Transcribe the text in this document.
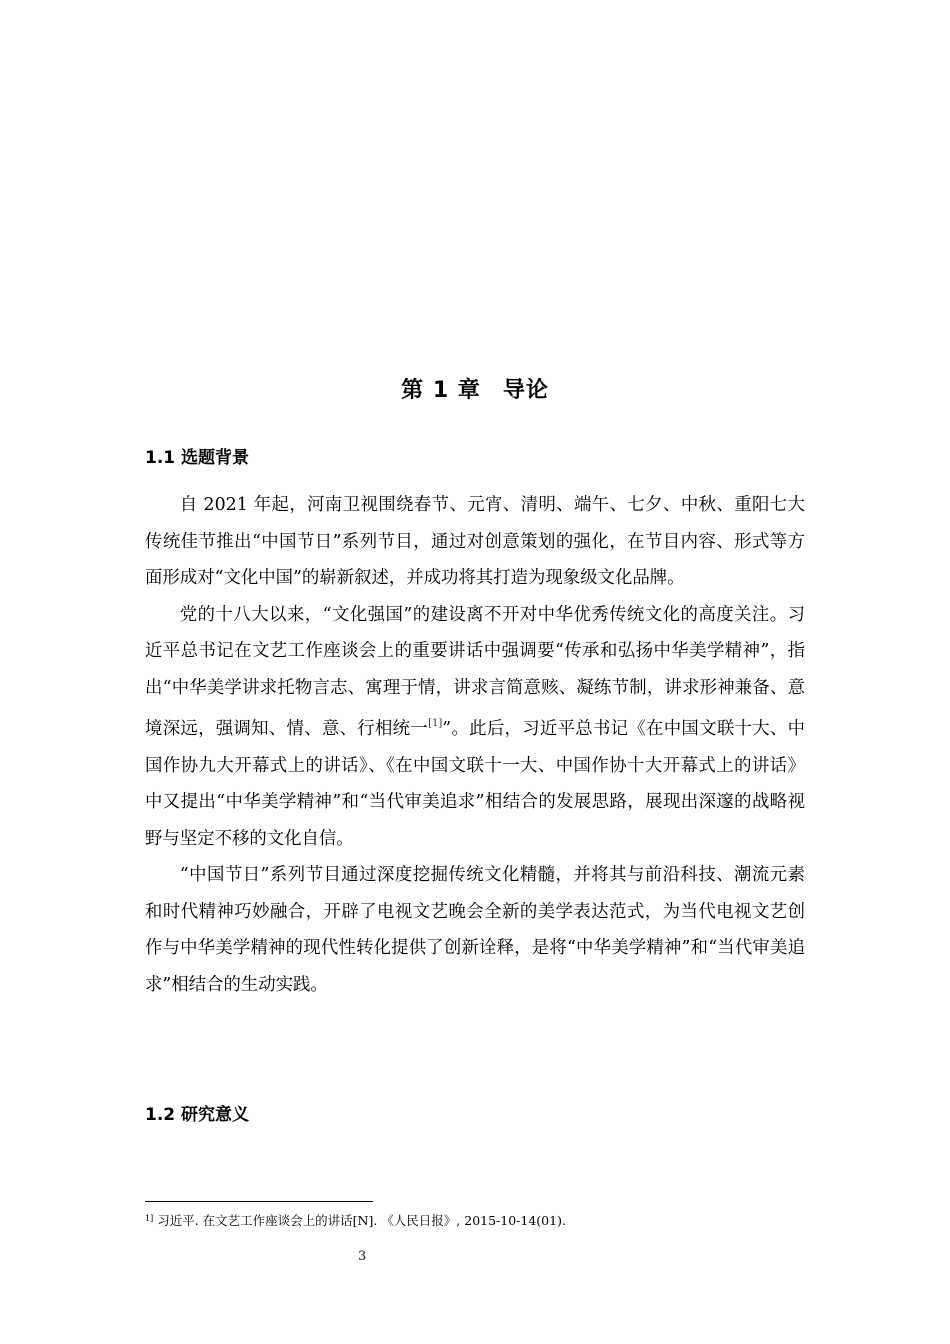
第 1 章 导论
1.1 选题背景

自 2021 年起，河南卫视围绕春节、元宵、清明、端午、七夕、中秋、重阳七大传统佳节推出“中国节日”系列节目，通过对创意策划的强化，在节目内容、形式等方面形成对“文化中国”的崭新叙述，并成功将其打造为现象级文化品牌。

党的十八大以来，“文化强国”的建设离不开对中华优秀传统文化的高度关注。习近平总书记在文艺工作座谈会上的重要讲话中强调要“传承和弘扬中华美学精神”，指出“中华美学讲求托物言志、寓理于情，讲求言简意赅、凝练节制，讲求形神兼备、意境深远，强调知、情、意、行相统一[1]”。此后，习近平总书记《在中国文联十大、中国作协九大开幕式上的讲话》、《在中国文联十一大、中国作协十大开幕式上的讲话》中又提出“中华美学精神”和“当代审美追求”相结合的发展思路，展现出深邃的战略视野与坚定不移的文化自信。

“中国节日”系列节目通过深度挖掘传统文化精髓，并将其与前沿科技、潮流元素和时代精神巧妙融合，开辟了电视文艺晚会全新的美学表达范式，为当代电视文艺创作与中华美学精神的现代性转化提供了创新诠释，是将“中华美学精神”和“当代审美追求”相结合的生动实践。

1.2 研究意义
$^{1]}$ 习近平. 在文艺工作座谈会上的讲话[N]. 《人民日报》, 2015-10-14(01).
3
